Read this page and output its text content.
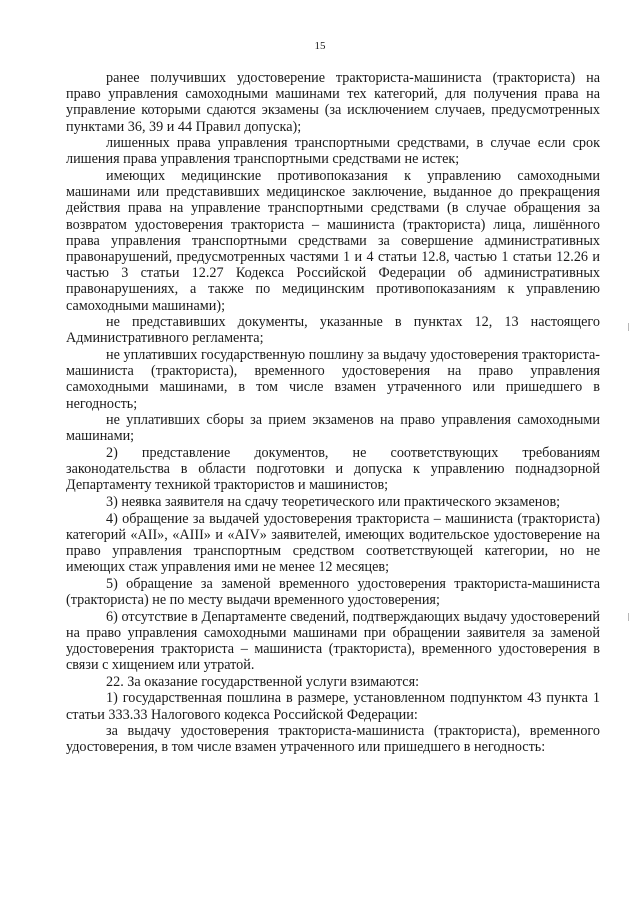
15

ранее получивших удостоверение тракториста-машиниста (тракториста) на право управления самоходными машинами тех категорий, для получения права на управление которыми сдаются экзамены (за исключением случаев, предусмотренных пунктами 36, 39 и 44 Правил допуска);

лишенных права управления транспортными средствами, в случае если срок лишения права управления транспортными средствами не истек;

имеющих медицинские противопоказания к управлению самоходными машинами или представивших медицинское заключение, выданное до прекращения действия права на управление транспортными средствами (в случае обращения за возвратом удостоверения тракториста – машиниста (тракториста) лица, лишённого права управления транспортными средствами за совершение административных правонарушений, предусмотренных частями 1 и 4 статьи 12.8, частью 1 статьи 12.26 и частью 3 статьи 12.27 Кодекса Российской Федерации об административных правонарушениях, а также по медицинским противопоказаниям к управлению самоходными машинами);

не представивших документы, указанные в пунктах 12, 13 настоящего Административного регламента;

не уплативших государственную пошлину за выдачу удостоверения тракториста-машиниста (тракториста), временного удостоверения на право управления самоходными машинами, в том числе взамен утраченного или пришедшего в негодность;

не уплативших сборы за прием экзаменов на право управления самоходными машинами;

2) представление документов, не соответствующих требованиям законодательства в области подготовки и допуска к управлению поднадзорной Департаменту техникой трактористов и машинистов;

3) неявка заявителя на сдачу теоретического или практического экзаменов;

4) обращение за выдачей удостоверения тракториста – машиниста (тракториста) категорий «AII», «AIII» и «AIV» заявителей, имеющих водительское удостоверение на право управления транспортным средством соответствующей категории, но не имеющих стаж управления ими не менее 12 месяцев;

5) обращение за заменой временного удостоверения тракториста-машиниста (тракториста) не по месту выдачи временного удостоверения;

6) отсутствие в Департаменте сведений, подтверждающих выдачу удостоверений на право управления самоходными машинами при обращении заявителя за заменой удостоверения тракториста – машиниста (тракториста), временного удостоверения в связи с хищением или утратой.

22. За оказание государственной услуги взимаются:

1) государственная пошлина в размере, установленном подпунктом 43 пункта 1 статьи 333.33 Налогового кодекса Российской Федерации:

за выдачу удостоверения тракториста-машиниста (тракториста), временного удостоверения, в том числе взамен утраченного или пришедшего в негодность:
